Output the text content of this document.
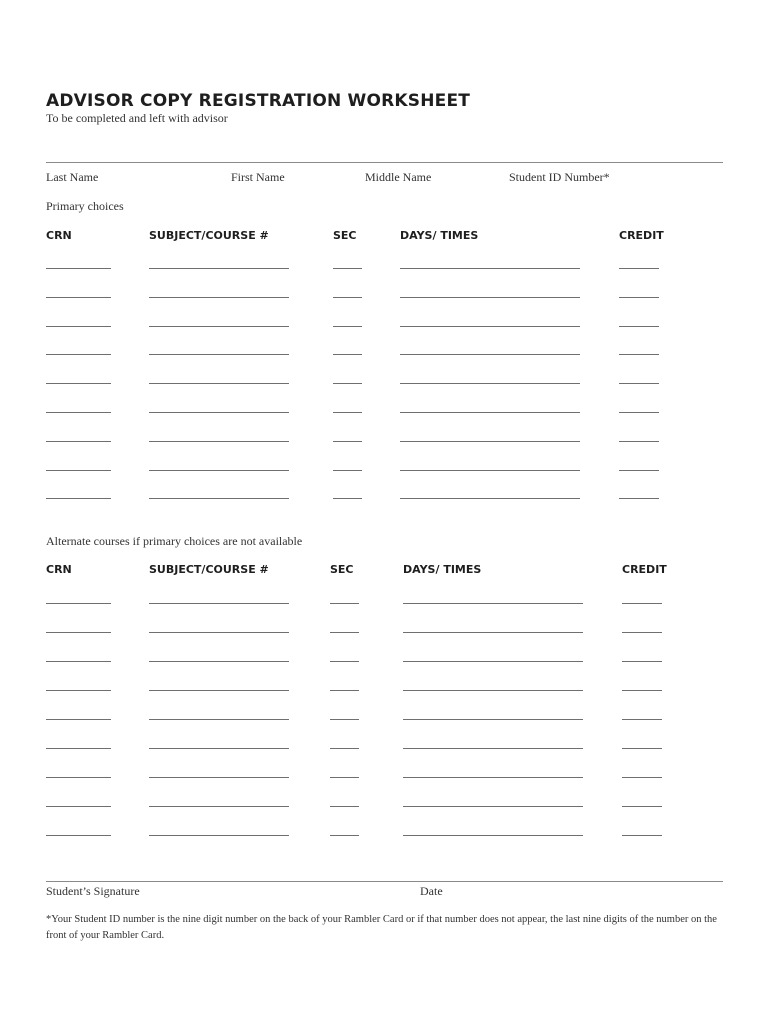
ADVISOR COPY REGISTRATION WORKSHEET
To be completed and left with advisor
Last Name	First Name	Middle Name	Student ID Number*
Primary choices
CRN	SUBJECT/COURSE #	SEC	DAYS/ TIMES	CREDIT
Alternate courses if primary choices are not available
CRN	SUBJECT/COURSE #	SEC	DAYS/ TIMES	CREDIT
Student’s Signature	Date
*Your Student ID number is the nine digit number on the back of your Rambler Card or if that number does not appear, the last nine digits of the number on the front of your Rambler Card.
